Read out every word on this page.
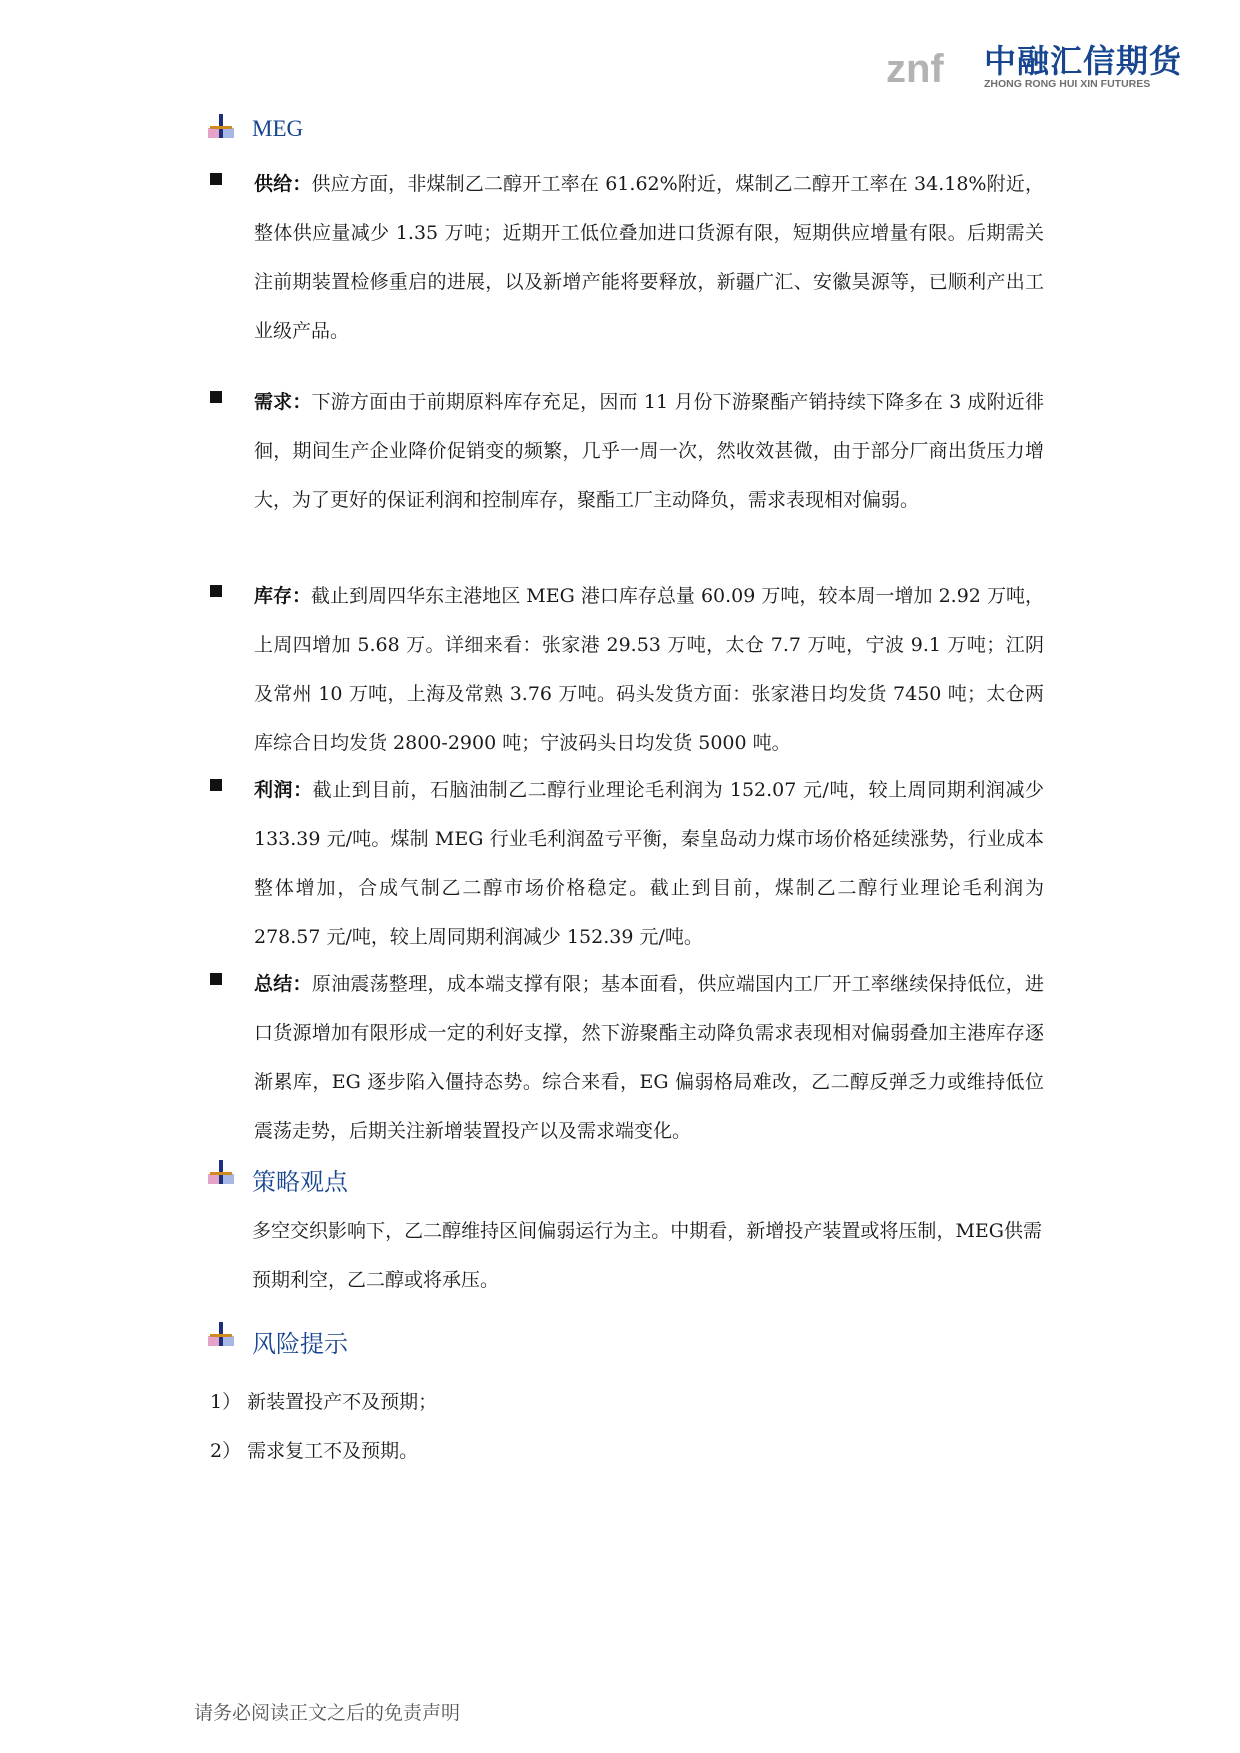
znf 中融汇信期货
ZHONG RONG HUI XIN FUTURES
MEG

供给：供应方面，非煤制乙二醇开工率在 61.62%附近，煤制乙二醇开工率在 34.18%附近，整体供应量减少 1.35 万吨；近期开工低位叠加进口货源有限，短期供应增量有限。后期需关注前期装置检修重启的进展，以及新增产能将要释放，新疆广汇、安徽昊源等，已顺利产出工业级产品。

需求：下游方面由于前期原料库存充足，因而 11 月份下游聚酯产销持续下降多在 3 成附近徘徊，期间生产企业降价促销变的频繁，几乎一周一次，然收效甚微，由于部分厂商出货压力增大，为了更好的保证利润和控制库存，聚酯工厂主动降负，需求表现相对偏弱。

库存：截止到周四华东主港地区 MEG 港口库存总量 60.09 万吨，较本周一增加 2.92 万吨，上周四增加 5.68 万。详细来看：张家港 29.53 万吨，太仓 7.7 万吨，宁波 9.1 万吨；江阴及常州 10 万吨，上海及常熟 3.76 万吨。码头发货方面：张家港日均发货 7450 吨；太仓两库综合日均发货 2800-2900 吨；宁波码头日均发货 5000 吨。

利润：截止到目前，石脑油制乙二醇行业理论毛利润为 152.07 元/吨，较上周同期利润减少 133.39 元/吨。煤制 MEG 行业毛利润盈亏平衡，秦皇岛动力煤市场价格延续涨势，行业成本整体增加，合成气制乙二醇市场价格稳定。截止到目前，煤制乙二醇行业理论毛利润为 278.57 元/吨，较上周同期利润减少 152.39 元/吨。

总结：原油震荡整理，成本端支撑有限；基本面看，供应端国内工厂开工率继续保持低位，进口货源增加有限形成一定的利好支撑，然下游聚酯主动降负需求表现相对偏弱叠加主港库存逐渐累库，EG 逐步陷入僵持态势。综合来看，EG 偏弱格局难改，乙二醇反弹乏力或维持低位震荡走势，后期关注新增装置投产以及需求端变化。

策略观点

多空交织影响下，乙二醇维持区间偏弱运行为主。中期看，新增投产装置或将压制，MEG供需预期利空，乙二醇或将承压。

风险提示
1） 新装置投产不及预期；
2） 需求复工不及预期。
请务必阅读正文之后的免责声明
